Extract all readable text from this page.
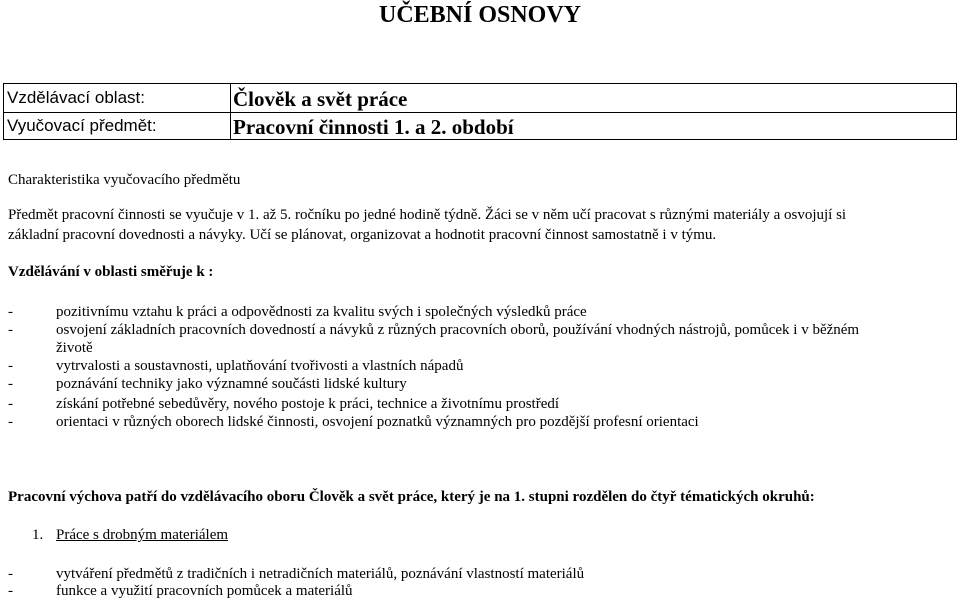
UČEBNÍ OSNOVY
Vzdělávací oblast:	Člověk a svět práce
Vyučovací předmět:	Pracovní činnosti 1. a 2. období
Charakteristika vyučovacího předmětu
Předmět pracovní činnosti se vyučuje v 1. až 5. ročníku po jedné hodině týdně. Žáci se v něm učí pracovat s různými materiály a osvojují si
základní pracovní dovednosti a návyky. Učí se plánovat, organizovat a hodnotit pracovní činnost samostatně i v týmu.
Vzdělávání v oblasti směřuje k :
-	pozitivnímu vztahu k práci a odpovědnosti za kvalitu svých i společných výsledků práce
-	osvojení základních pracovních dovedností a návyků z různých pracovních oborů, používání vhodných nástrojů, pomůcek i v běžném
životě
-	vytrvalosti a soustavnosti, uplatňování tvořivosti a vlastních nápadů
-	poznávání techniky jako významné součásti lidské kultury
-	získání potřebné sebedůvěry, nového postoje k práci, technice a životnímu prostředí
-	orientaci v různých oborech lidské činnosti, osvojení poznatků významných pro pozdější profesní orientaci
Pracovní výchova patří do vzdělávacího oboru Člověk a svět práce, který je na 1. stupni rozdělen do čtyř tématických okruhů:
1. Práce s drobným materiálem
-	vytváření předmětů z tradičních i netradičních materiálů, poznávání vlastností materiálů
-	funkce a využití pracovních pomůcek a materiálů
